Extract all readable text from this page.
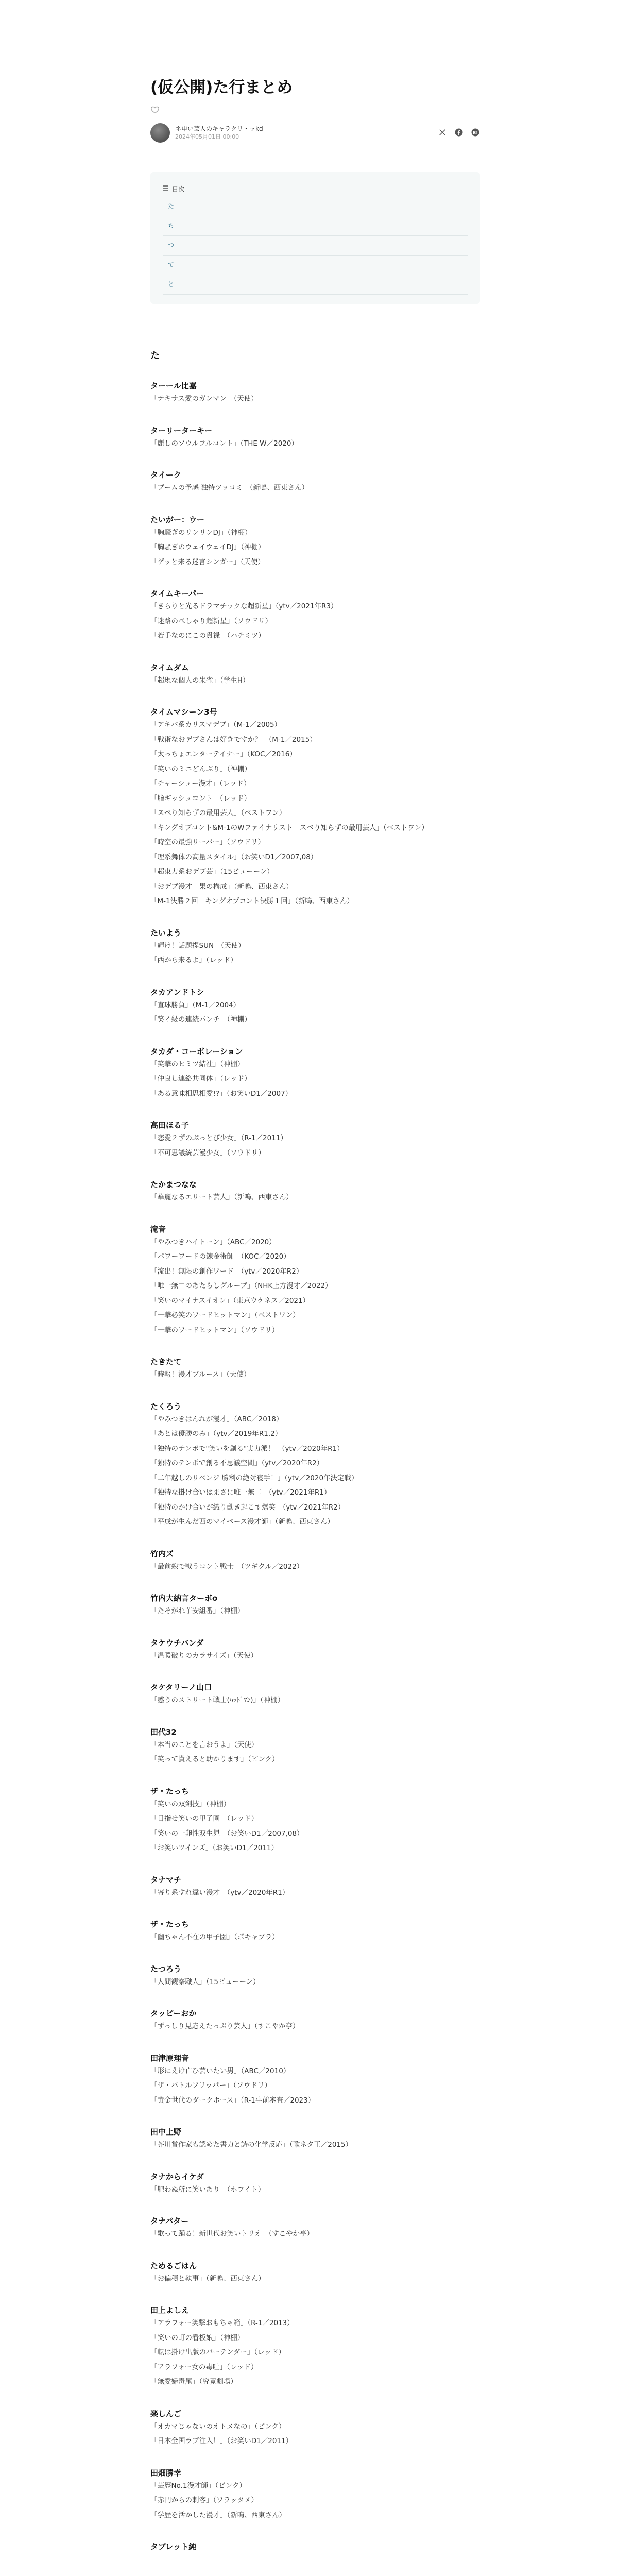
(仮公開)た行まとめ
ネ申い芸人のキャラクリ・ッkd
2024年05月01日 00:00
B!
目次
た
ち
つ
て
と
た
ターール比嘉
「テキサス愛のガンマン」（天使）
ターリーターキー
「麗しのソウルフルコント」（THE W／2020）
タイーク
「ブームの予感 独特ツッコミ」（新鳴、西東さん）
たいがー：ウー
「胸騒ぎのリンリンDJ」（神棚）
「胸騒ぎのウェイウェイDJ」（神棚）
「ゲッと来る迷言シンガー」（天使）
タイムキーパー
「きらりと光るドラマチックな超新星」（ytv／2021年R3）
「迷路のぺしゃり超新星」（ソウドリ）
「若手なのにこの貫禄」（ハチミツ）
タイムダム
「超現な個人の朱雀」（学生H）
タイムマシーン3号
「アキバ系カリスマデブ」（M-1／2005）
「戦術なおデブさんは好きですか？」（M-1／2015）
「太っちょエンターテイナー」（KOC／2016）
「笑いのミニどんぶり」（神棚）
「チャーシュー漫才」（レッド）
「脂ギッシュコント」（レッド）
「スベり知らずの最用芸人」（ベストワン）
「キングオブコント&M-1のWファイナリスト　スベり知らずの最用芸人」（ベストワン）
「時空の最強リーパー」（ソウドリ）
「理系舞体の高量スタイル」（お笑いD1／2007,08）
「超東力系おデブ芸」（15ビューーン）
「おデブ漫才　果の構成」（新鳴、西東さん）
「M-1決勝２回　キングオブコント決勝１回」（新鳴、西東さん）
たいよう
「輝け！話題提SUN」（天使）
「西から来るよ」（レッド）
タカアンドトシ
「直球勝負」（M-1／2004）
「笑イ級の連続パンチ」（神棚）
タカダ・コーポレーション
「笑撃のヒミツ結社」（神棚）
「仲良し連絡共同体」（レッド）
「ある意味相思相愛!?」（お笑いD1／2007）
高田ほる子
「恋愛２ずのぷっとび少女」（R-1／2011）
「不可思議統芸漫少女」（ソウドリ）
たかまつなな
「華麗なるエリート芸人」（新鳴、西東さん）
滝音
「やみつきハイトーン」（ABC／2020）
「パワーワードの錬金術師」（KOC／2020）
「流出！無限の創作ワード」（ytv／2020年R2）
「唯一無二のあたらしグルーブ」（NHK上方漫才／2022）
「笑いのマイナスイオン」（東京ウケネス／2021）
「一撃必笑のワードヒットマン」（ベストワン）
「一撃のワードヒットマン」（ソウドリ）
たきたて
「時報！漫才ブルース」（天使）
たくろう
「やみつきはんれが漫才」（ABC／2018）
「あとは優勝のみ」（ytv／2019年R1,2）
「独特のテンポで"笑いを創る"実力派！」（ytv／2020年R1）
「独特のテンポで創る不思議空間」（ytv／2020年R2）
「二年越しのリベンジ 勝利の絶対寝手！」（ytv／2020年決定戦）
「独特な掛け合いはまさに唯一無二」（ytv／2021年R1）
「独特のかけ合いが織り動き起こす爆笑」（ytv／2021年R2）
「平成が生んだ西のマイペース漫才師」（新鳴、西東さん）
竹内ズ
「最前線で戦うコント戦士」（ツギクル／2022）
竹内大納言ターボo
「たそがれ芋安組番」（神棚）
タケウチバンダ
「温暖破りのカラサイズ」（天使）
タケタリーノ山口
「惑うのストリート戦士(ﾊｯﾄﾞﾏﾝ)」（神棚）
田代32
「本当のことを言おうよ」（天使）
「笑って貰えると助かります」（ピンク）
ザ・たっち
「笑いの双剣技」（神棚）
「目指せ笑いの甲子園」（レッド）
「笑いの一卵性双生児」（お笑いD1／2007,08）
「お笑いツインズ」（お笑いD1／2011）
タナマチ
「寄り系すれ違い漫才」（ytv／2020年R1）
ザ・たっち
「幽ちゃん不在の甲子園」（ポキャブラ）
たつろう
「人間観察職人」（15ビューーン）
タッピーおか
「ずっしり見応えたっぷり芸人」（すこやか亭）
田津原理音
「形にえけ亡ひ芸いたい男」（ABC／2010）
「ザ・バトルフリッパー」（ソウドリ）
「黄金世代のダークホース」（R-1事前審査／2023）
田中上野
「芥川賞作家も認めた書力と詩の化学反応」（歌ネタ王／2015）
タナからイケダ
「肥わぬ所に笑いあり」（ホワイト）
タナパター
「歌って踊る！新世代お笑いトリオ」（すこやか亭）
ためるごはん
「お偏積と執事」（新鳴、西東さん）
田上よしえ
「アラフォー笑撃おもちゃ箱」（R-1／2013）
「笑いの町の看板娘」（神棚）
「転は掛け出版のバーテンダー」（レッド）
「アラフォー女の毒吐」（レッド）
「無愛婦毒尾」（究竟劇場）
楽しんご
「オカマじゃないのオトメなの」（ピンク）
「日本全国ラブ注入！」（お笑いD1／2011）
田畑勝幸
「芸歴No.1漫才師」（ピンク）
「赤門からの刺客」（ワラッタメ）
「学歴を活かした漫才」（新鳴、西東さん）
タブレット純
